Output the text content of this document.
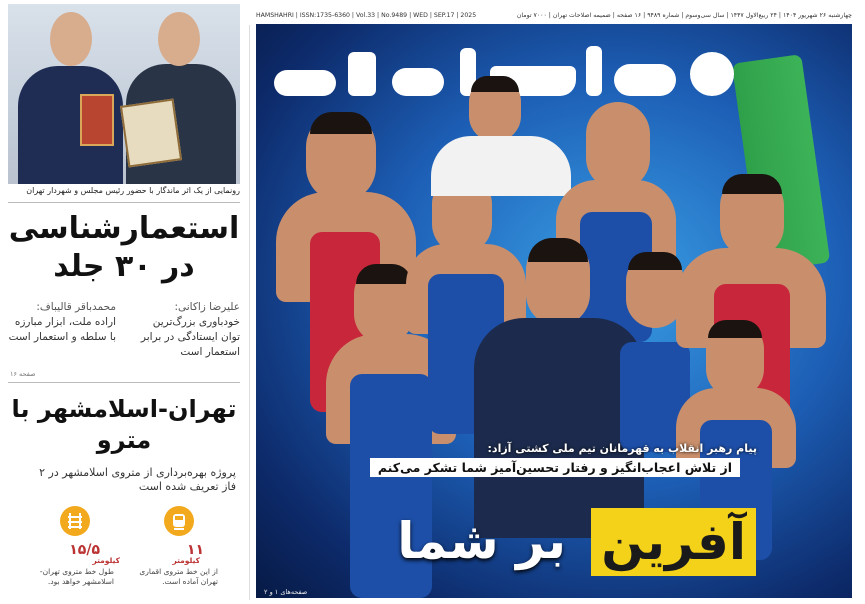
رونمایی از یک اثر ماندگار با حضور رئیس مجلس و شهردار تهران
استعمارشناسی در ۳۰ جلد
علیرضا زاکانی:
خودباوری بزرگ‌ترین توان ایستادگی در برابر استعمار است
محمدباقر قالیباف:
اراده ملت، ابزار مبارزه با سلطه و استعمار است
صفحه ۱۶
تهران-اسلامشهر با مترو
پروژه بهره‌برداری از متروی اسلامشهر در ۲ فاز تعریف شده است
۱۱
کیلومتر
از این خط متروی اقماری تهران آماده است.
۱۵/۵
کیلومتر
طول خط متروی تهران- اسلامشهر خواهد بود.
HAMSHAHRI | ISSN:1735-6360 | Vol.33 | No.9489 | WED | SEP.17 | 2025	چهارشنبه ۲۶ شهریور ۱۴۰۴ | ۲۴ ربیع‌الاول ۱۴۴۷ | سال سی‌وسوم | شماره ۹۴۸۹ | ۱۶ صفحه | ضمیمه اصلاحات تهران | ۷۰۰۰ تومان
پیام رهبر انقلاب به قهرمانان تیم ملی کشتی آزاد:
از تلاش اعجاب‌انگیز و رفتار تحسین‌آمیز شما تشکر می‌کنم
آفرین
بر شما
صفحه‌های ۱ و ۲
